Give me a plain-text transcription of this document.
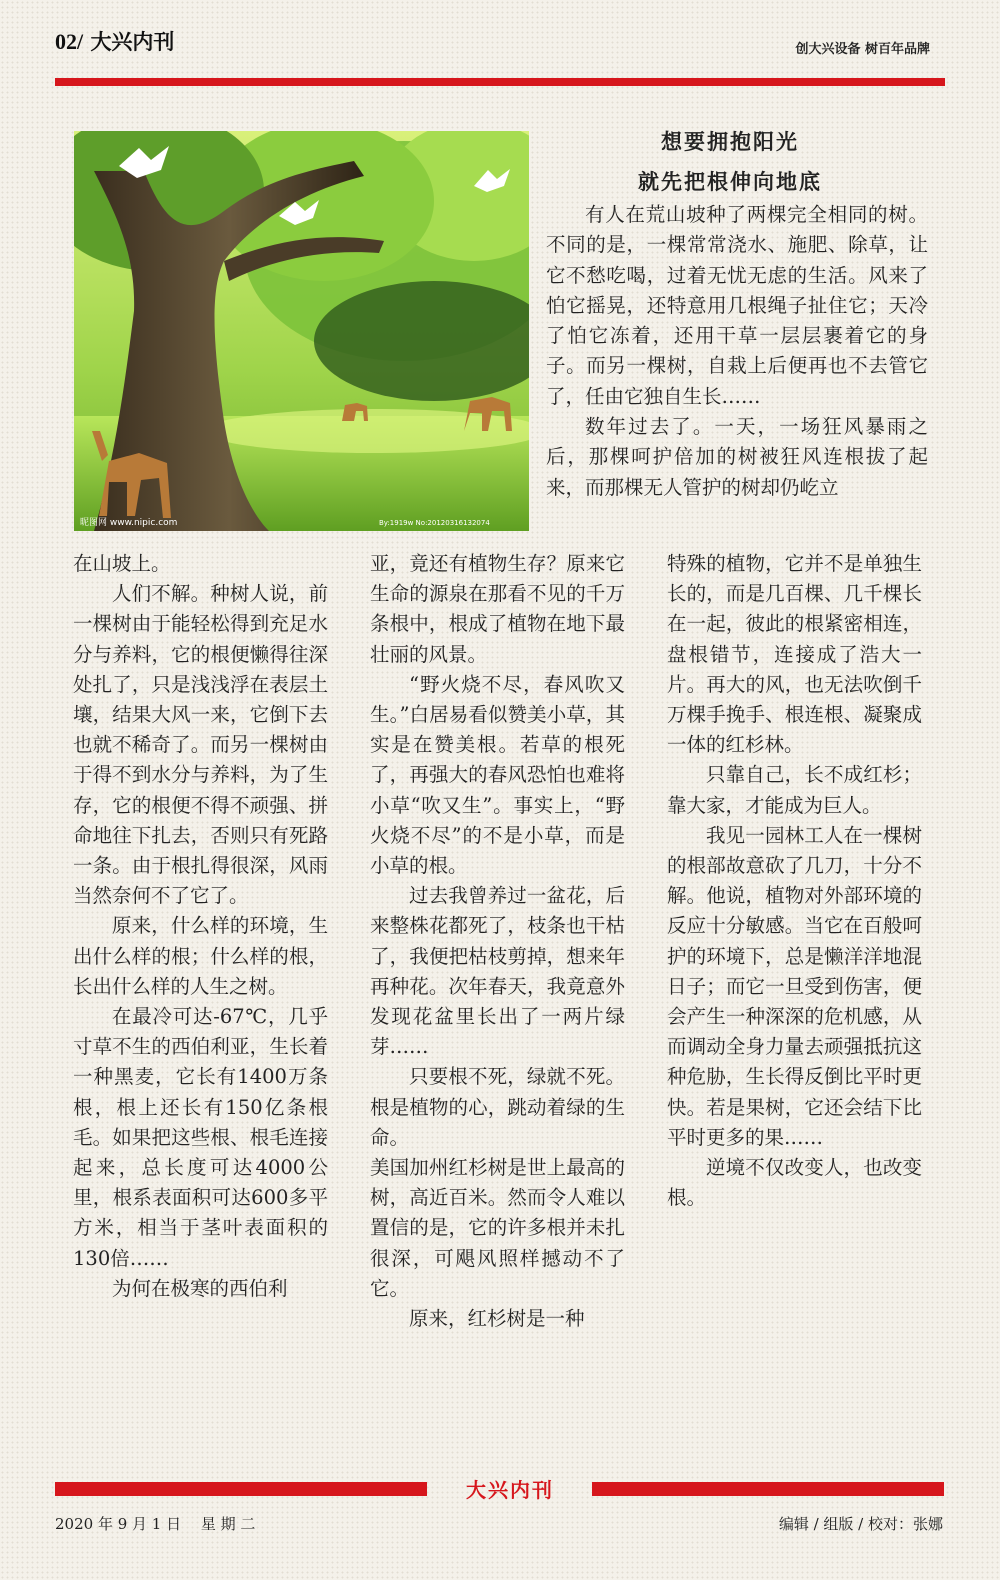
02/ 大兴内刊	创大兴设备 树百年品牌
昵图网 www.nipic.com	By:1919w No:20120316132074
想要拥抱阳光
就先把根伸向地底

有人在荒山坡种了两棵完全相同的树。不同的是，一棵常常浇水、施肥、除草，让它不愁吃喝，过着无忧无虑的生活。风来了怕它摇晃，还特意用几根绳子扯住它；天冷了怕它冻着，还用干草一层层裹着它的身子。而另一棵树，自栽上后便再也不去管它了，任由它独自生长……

数年过去了。一天，一场狂风暴雨之后，那棵呵护倍加的树被狂风连根拔了起来，而那棵无人管护的树却仍屹立

在山坡上。

人们不解。种树人说，前一棵树由于能轻松得到充足水分与养料，它的根便懒得往深处扎了，只是浅浅浮在表层土壤，结果大风一来，它倒下去也就不稀奇了。而另一棵树由于得不到水分与养料，为了生存，它的根便不得不顽强、拼命地往下扎去，否则只有死路一条。由于根扎得很深，风雨当然奈何不了它了。

原来，什么样的环境，生出什么样的根；什么样的根，长出什么样的人生之树。

在最冷可达-67℃，几乎寸草不生的西伯利亚，生长着一种黑麦，它长有1400万条根，根上还长有150亿条根毛。如果把这些根、根毛连接起来，总长度可达4000公里，根系表面积可达600多平方米，相当于茎叶表面积的130倍……

为何在极寒的西伯利

亚，竟还有植物生存？原来它生命的源泉在那看不见的千万条根中，根成了植物在地下最壮丽的风景。

“野火烧不尽，春风吹又生。”白居易看似赞美小草，其实是在赞美根。若草的根死了，再强大的春风恐怕也难将小草“吹又生”。事实上，“野火烧不尽”的不是小草，而是小草的根。

过去我曾养过一盆花，后来整株花都死了，枝条也干枯了，我便把枯枝剪掉，想来年再种花。次年春天，我竟意外发现花盆里长出了一两片绿芽……

只要根不死，绿就不死。根是植物的心，跳动着绿的生命。

美国加州红杉树是世上最高的树，高近百米。然而令人难以置信的是，它的许多根并未扎很深，可飓风照样撼动不了它。

原来，红杉树是一种

特殊的植物，它并不是单独生长的，而是几百棵、几千棵长在一起，彼此的根紧密相连，盘根错节，连接成了浩大一片。再大的风，也无法吹倒千万棵手挽手、根连根、凝聚成一体的红杉林。

只靠自己，长不成红杉；靠大家，才能成为巨人。

我见一园林工人在一棵树的根部故意砍了几刀，十分不解。他说，植物对外部环境的反应十分敏感。当它在百般呵护的环境下，总是懒洋洋地混日子；而它一旦受到伤害，便会产生一种深深的危机感，从而调动全身力量去顽强抵抗这种危胁，生长得反倒比平时更快。若是果树，它还会结下比平时更多的果……

逆境不仅改变人，也改变根。

大兴内刊
2020 年 9 月 1 日　 星 期 二	编辑 / 组版 / 校对：张娜
